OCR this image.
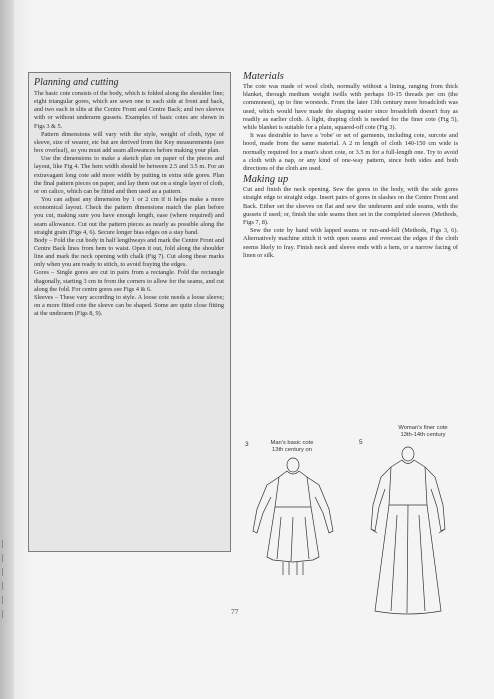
Planning and cutting

The basic cote consists of the body, which is folded along the shoulder line; eight triangular gores, which are sewn one to each side at front and back, and two each in slits at the Centre Front and Centre Back; and two sleeves with or without underarm gussets. Examples of basic cotes are shown in Figs 3 & 5.

Pattern dimensions will vary with the style, weight of cloth, type of sleeve, size of wearer, etc but are derived from the Key measurements (see box overleaf), so you must add seam allowances before making your plan.

Use the dimensions to make a sketch plan on paper of the pieces and layout, like Fig 4. The hem width should be between 2.5 and 3.5 m. For an extravagant long cote add more width by putting in extra side gores. Plan the final pattern pieces on paper, and lay them out on a single layer of cloth, or on calico, which can be fitted and then used as a pattern.

You can adjust any dimension by 1 or 2 cm if it helps make a more economical layout. Check the pattern dimensions match the plan before you cut, making sure you have enough length, ease (where required) and seam allowance. Cut out the pattern pieces as nearly as possible along the straight grain (Figs 4, 6). Secure longer bias edges on a stay band.

Body – Fold the cut body in half lengthways and mark the Centre Front and Centre Back lines from hem to waist. Open it out, fold along the shoulder line and mark the neck opening with chalk (Fig 7). Cut along these marks only when you are ready to stitch, to avoid fraying the edges.

Gores – Single gores are cut in pairs from a rectangle. Fold the rectangle diagonally, starting 3 cm in from the corners to allow for the seams, and cut along the fold. For centre gores see Figs 4 & 6.

Sleeves – These vary according to style. A loose cote needs a loose sleeve; on a more fitted cote the sleeve can be shaped. Some are quite close fitting at the underarm (Figs 8, 9).

Materials

The cote was made of wool cloth, normally without a lining, ranging from thick blanket, through medium weight twills with perhaps 10-15 threads per cm (the commonest), up to fine worsteds. From the later 13th century more broadcloth was used, which would have made the shaping easier since broadcloth doesn't fray as readily as earlier cloth. A light, draping cloth is needed for the finer cote (Fig 5), while blanket is suitable for a plain, squared-off cote (Fig 3).

It was desirable to have a 'robe' or set of garments, including cote, surcote and hood, made from the same material. A 2 m length of cloth 140-150 cm wide is normally required for a man's short cote, or 3.5 m for a full-length one. Try to avoid a cloth with a nap, or any kind of one-way pattern, since both sides and both directions of the cloth are used.

Making up

Cut and finish the neck opening. Sew the gores to the body, with the side gores straight edge to straight edge. Insert pairs of gores in slashes on the Centre Front and Back. Either set the sleeves on flat and sew the underarm and side seams, with the gussets if used; or, finish the side seams then set in the completed sleeves (Methods, Figs 7, 8).

Sew the cote by hand with lapped seams or run-and-fell (Methods, Figs 3, 6). Alternatively machine stitch it with open seams and overcast the edges if the cloth seems likely to fray. Finish neck and sleeve ends with a hem, or a narrow facing of linen or silk.

3	Man's basic cote
13th century on
5
Woman's finer cote
13th-14th century
77
